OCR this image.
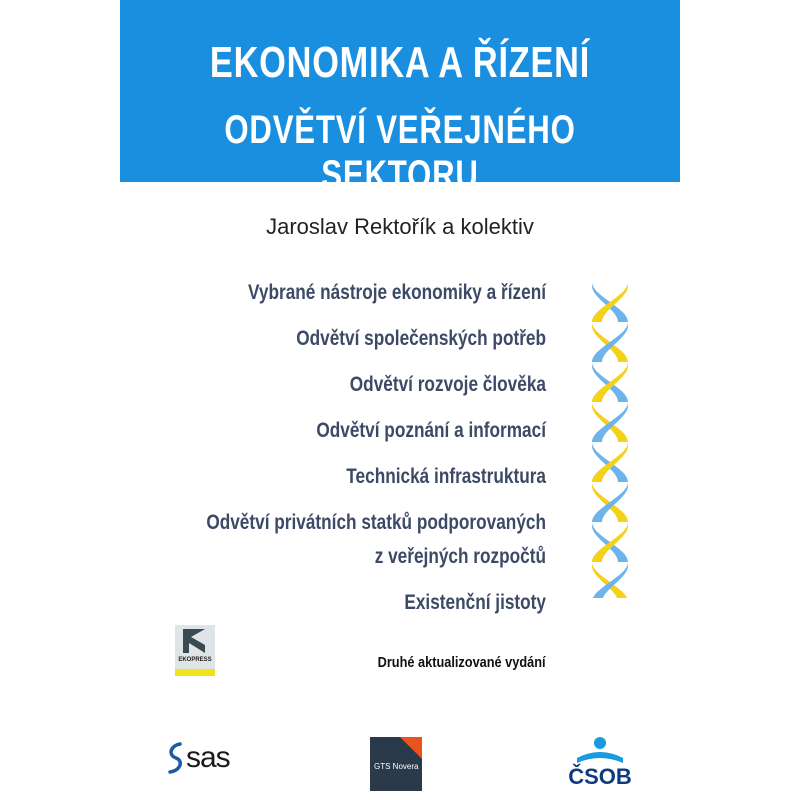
EKONOMIKA A ŘÍZENÍ
ODVĚTVÍ VEŘEJNÉHO SEKTORU
Jaroslav Rektořík a kolektiv
Vybrané nástroje ekonomiky a řízení
Odvětví společenských potřeb
Odvětví rozvoje člověka
Odvětví poznání a informací
Technická infrastruktura
Odvětví privátních statků podporovaných
z veřejných rozpočtů
Existenční jistoty
EKOPRESS	Druhé aktualizované vydání
sas	GTS Novera	ČSOB
